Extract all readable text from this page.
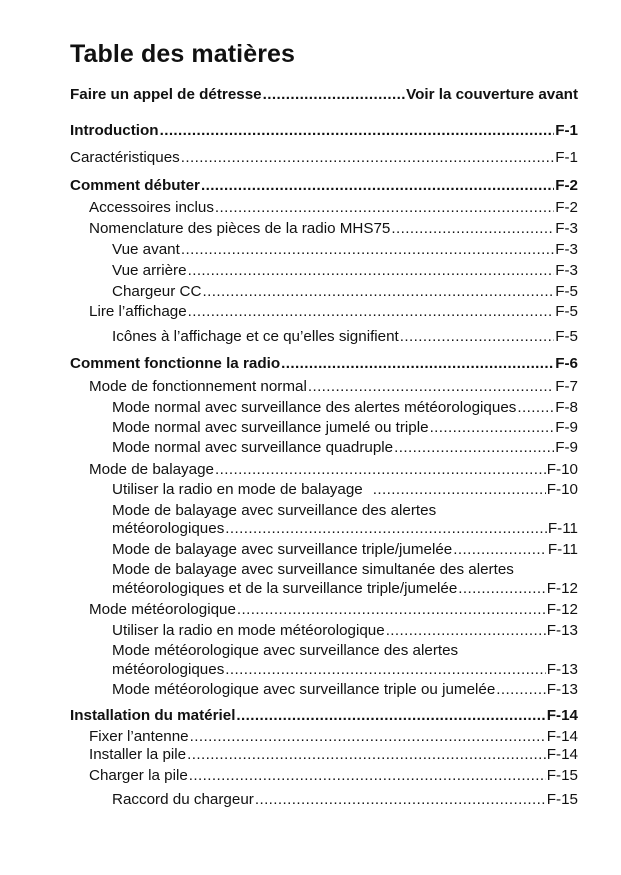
Table des matières
Faire un appel de détresse .....	Voir la couverture avant
Introduction .....	F-1
Caractéristiques .....	F-1
Comment débuter .....	F-2
Accessoires inclus .....	F-2
Nomenclature des pièces de la radio MHS75 .....	F-3
Vue avant .....	F-3
Vue arrière .....	F-3
Chargeur CC .....	F-5
Lire l’affichage .....	F-5
Icônes à l’affichage et ce qu’elles signifient .....	F-5
Comment fonctionne la radio .....	F-6
Mode de fonctionnement normal .....	F-7
Mode normal avec surveillance des alertes météorologiques .....	F-8
Mode normal avec surveillance jumelé ou triple .....	F-9
Mode normal avec surveillance quadruple .....	F-9
Mode de balayage .....	F-10
Utiliser la radio en mode de balayage .....	F-10
Mode de balayage avec surveillance des alertes
météorologiques .....	F-11
Mode de balayage avec surveillance triple/jumelée .....	F-11
Mode de balayage avec surveillance simultanée des alertes
météorologiques et de la surveillance triple/jumelée .....	F-12
Mode météorologique .....	F-12
Utiliser la radio en mode météorologique .....	F-13
Mode météorologique avec surveillance des alertes
météorologiques .....	F-13
Mode météorologique avec surveillance triple ou jumelée .....	F-13
Installation du matériel .....	F-14
Fixer l’antenne .....	F-14
Installer la pile .....	F-14
Charger la pile .....	F-15
Raccord du chargeur .....	F-15
